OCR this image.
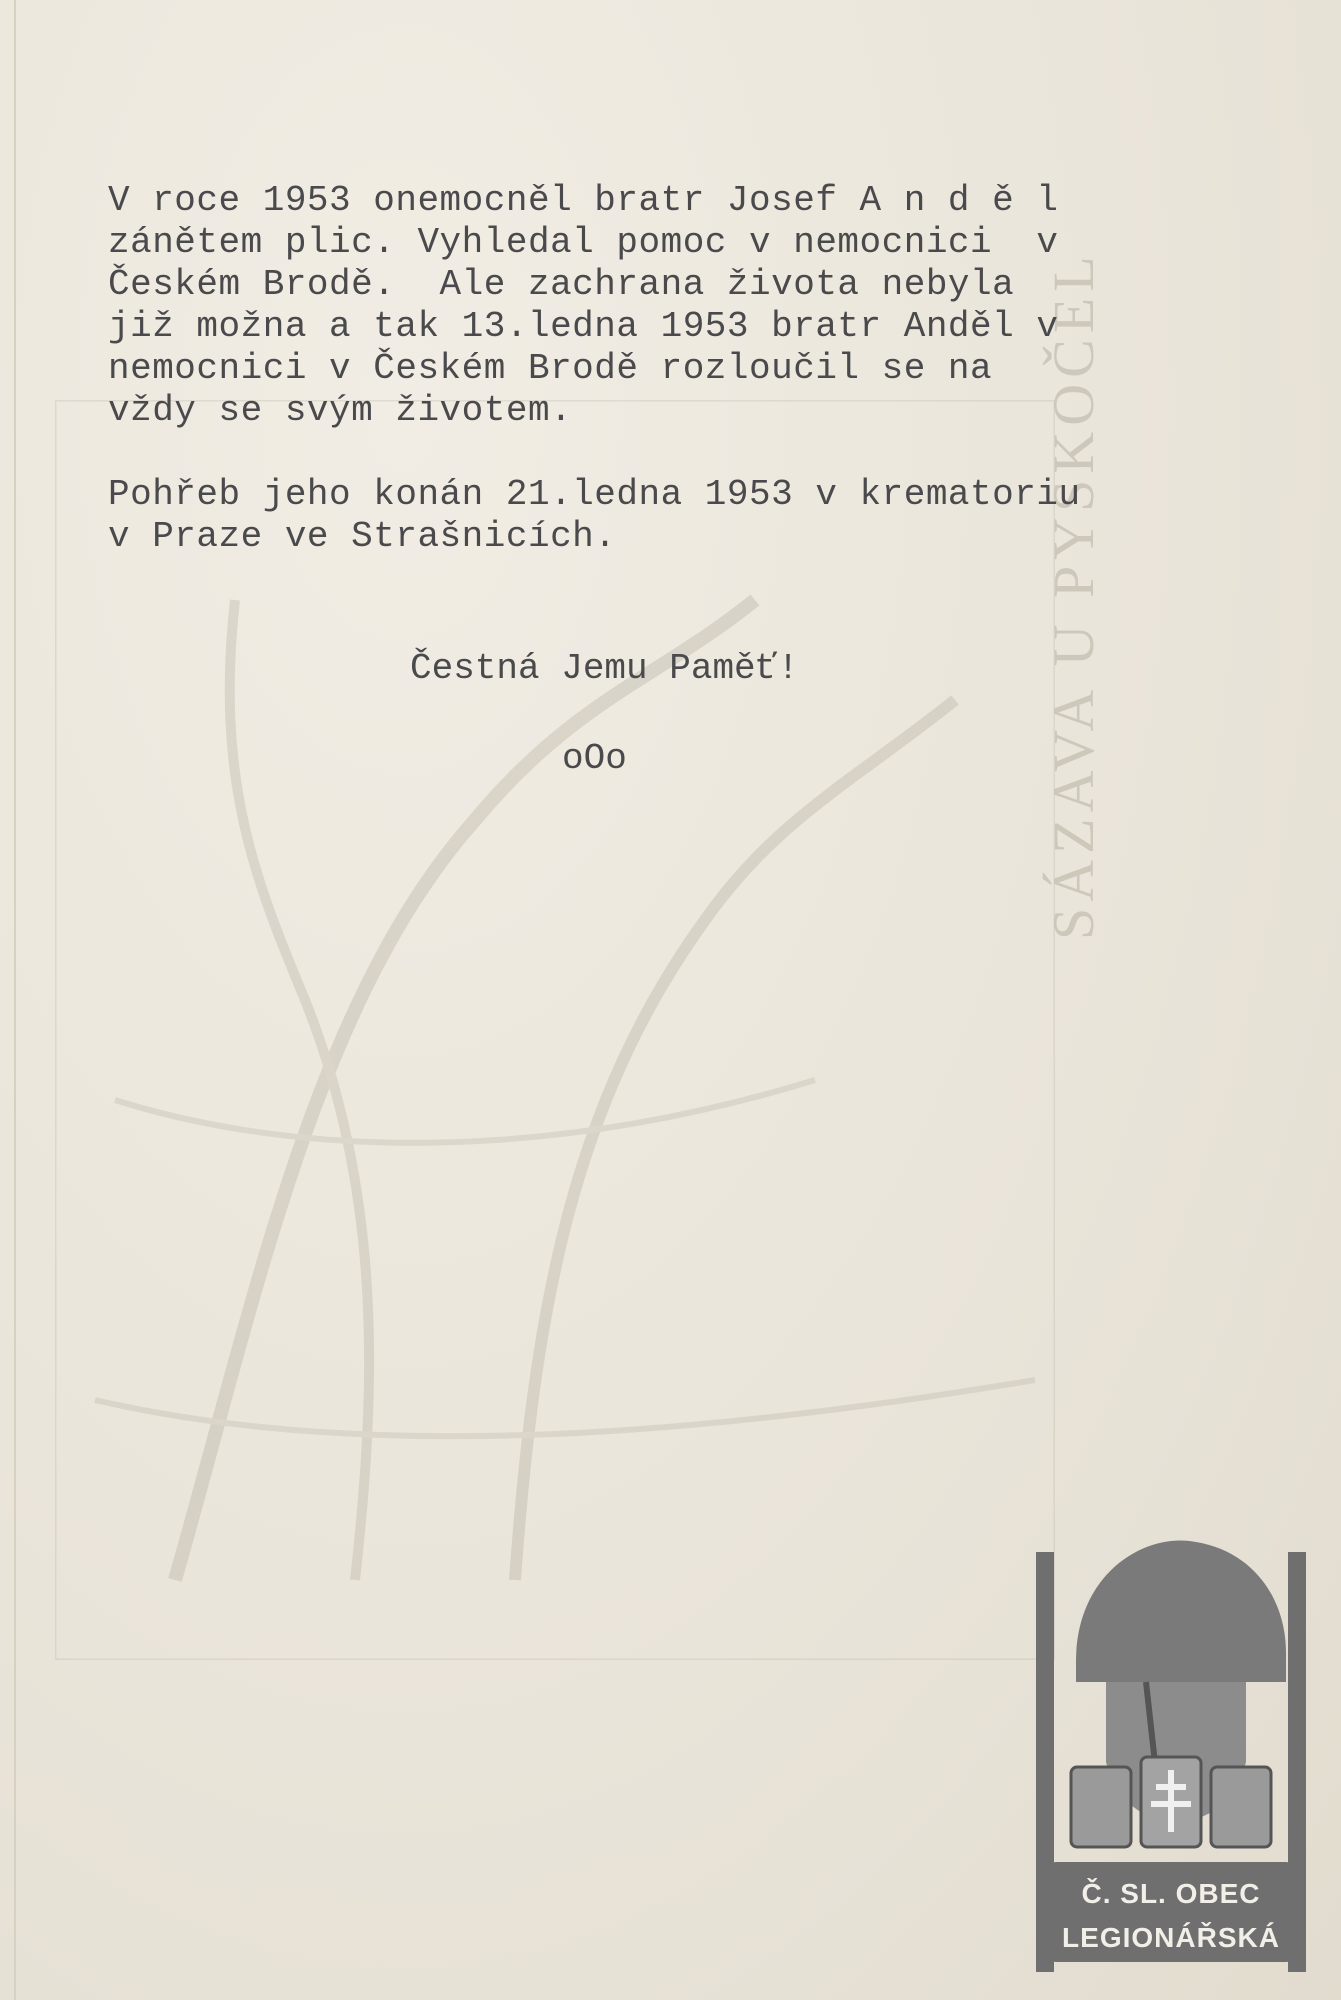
SÁZAVA U PYSKOČEL
V roce 1953 onemocněl bratr Josef A n d ě l
zánětem plic. Vyhledal pomoc v nemocnici  v
Českém Brodě.  Ale zachrana života nebyla
již možna a tak 13.ledna 1953 bratr Anděl v
nemocnici v Českém Brodě rozloučil se na
vždy se svým životem.
Pohřeb jeho konán 21.ledna 1953 v krematoriu
v Praze ve Strašnicích.
Čestná Jemu Paměť!
oOo
Č. SL. OBEC
LEGIONÁŘSKÁ
